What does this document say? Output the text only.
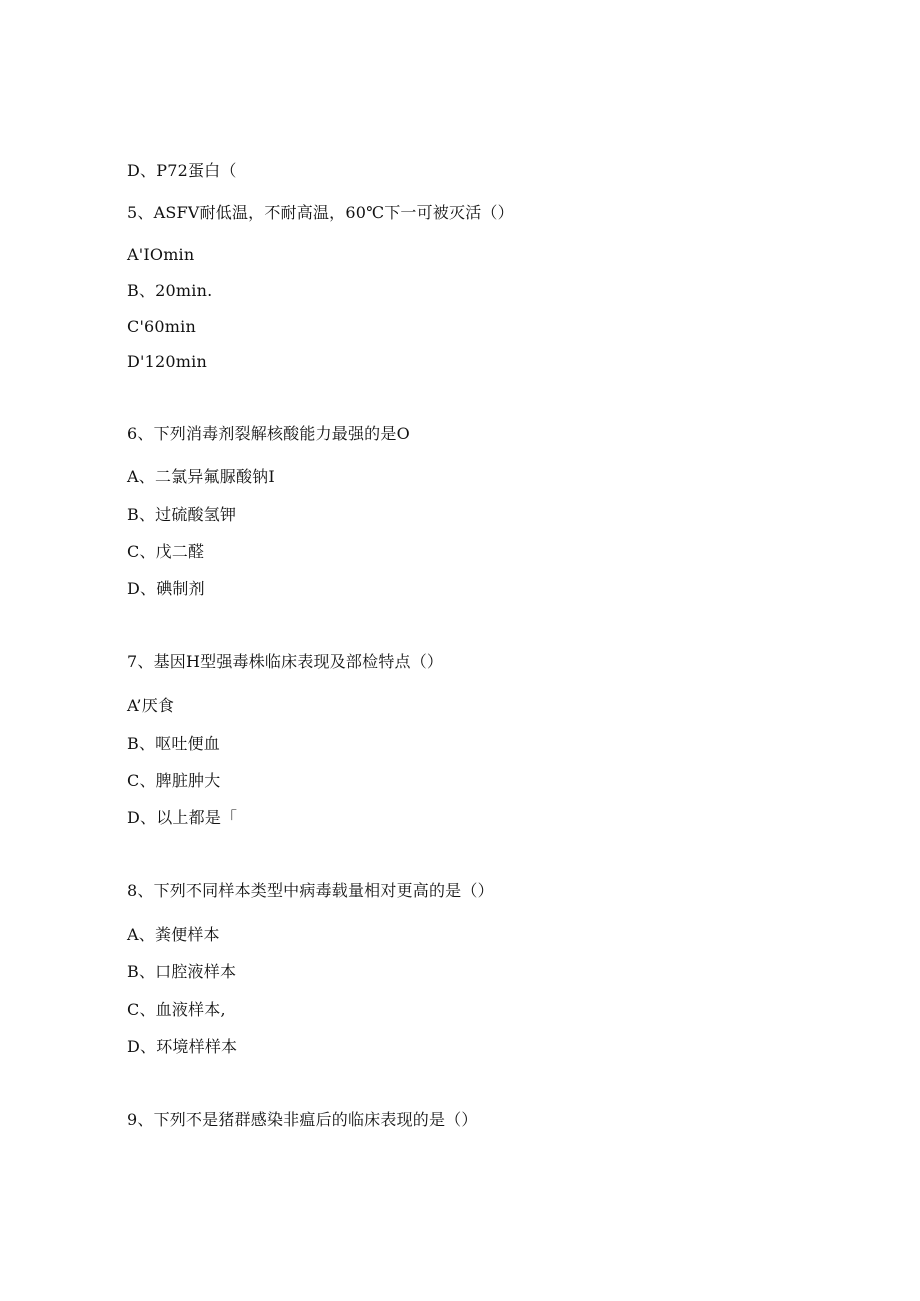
D、P72蛋白（
5、ASFV耐低温，不耐高温，60℃下一可被灭活（）
A'IOmin
B、20min.
C'60min
D'120min
6、下列消毒剂裂解核酸能力最强的是O
A、二氯异氟脲酸钠I
B、过硫酸氢钾
C、戊二醛
D、碘制剂
7、基因H型强毒株临床表现及部检特点（）
A’厌食
B、呕吐便血
C、脾脏肿大
D、以上都是「
8、下列不同样本类型中病毒载量相对更高的是（）
A、粪便样本
B、口腔液样本
C、血液样本,
D、环境样样本
9、下列不是猪群感染非瘟后的临床表现的是（）
